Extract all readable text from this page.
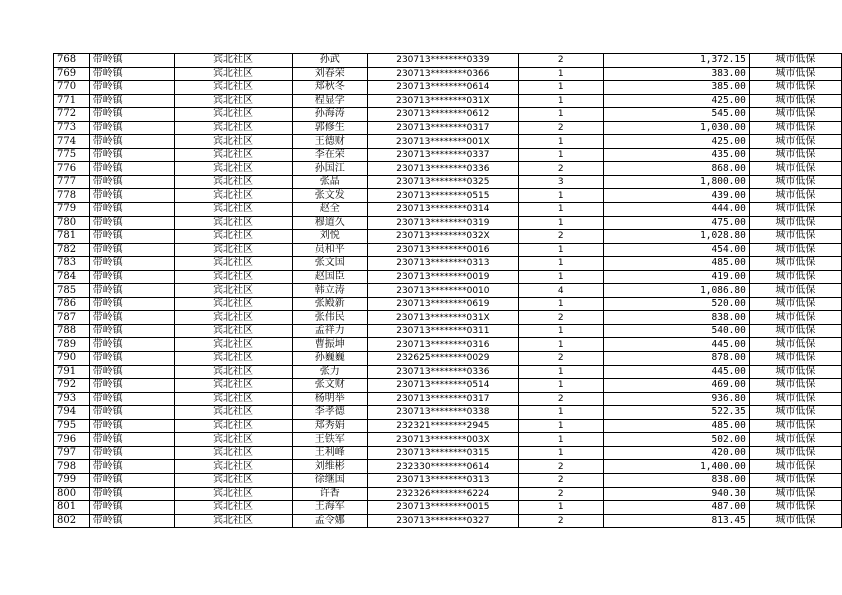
768	带岭镇	宾北社区	孙武	230713********0339	2	1,372.15	城市低保
769	带岭镇	宾北社区	刘春荣	230713********0366	1	383.00	城市低保
770	带岭镇	宾北社区	郑秋冬	230713********0614	1	385.00	城市低保
771	带岭镇	宾北社区	程显学	230713********031X	1	425.00	城市低保
772	带岭镇	宾北社区	孙海涛	230713********0612	1	545.00	城市低保
773	带岭镇	宾北社区	郭修生	230713********0317	2	1,030.00	城市低保
774	带岭镇	宾北社区	王德财	230713********001X	1	425.00	城市低保
775	带岭镇	宾北社区	李在荣	230713********0337	1	435.00	城市低保
776	带岭镇	宾北社区	孙国江	230713********0336	2	868.00	城市低保
777	带岭镇	宾北社区	张晶	230713********0325	3	1,800.00	城市低保
778	带岭镇	宾北社区	张文发	230713********0515	1	439.00	城市低保
779	带岭镇	宾北社区	赵全	230713********0314	1	444.00	城市低保
780	带岭镇	宾北社区	穆道久	230713********0319	1	475.00	城市低保
781	带岭镇	宾北社区	刘悦	230713********032X	2	1,028.80	城市低保
782	带岭镇	宾北社区	员和平	230713********0016	1	454.00	城市低保
783	带岭镇	宾北社区	张文国	230713********0313	1	485.00	城市低保
784	带岭镇	宾北社区	赵国臣	230713********0019	1	419.00	城市低保
785	带岭镇	宾北社区	韩立涛	230713********0010	4	1,086.80	城市低保
786	带岭镇	宾北社区	张殿新	230713********0619	1	520.00	城市低保
787	带岭镇	宾北社区	张伟民	230713********031X	2	838.00	城市低保
788	带岭镇	宾北社区	孟祥力	230713********0311	1	540.00	城市低保
789	带岭镇	宾北社区	曹振坤	230713********0316	1	445.00	城市低保
790	带岭镇	宾北社区	孙巍巍	232625********0029	2	878.00	城市低保
791	带岭镇	宾北社区	张力	230713********0336	1	445.00	城市低保
792	带岭镇	宾北社区	张文财	230713********0514	1	469.00	城市低保
793	带岭镇	宾北社区	杨明举	230713********0317	2	936.80	城市低保
794	带岭镇	宾北社区	李孝德	230713********0338	1	522.35	城市低保
795	带岭镇	宾北社区	郑秀娟	232321********2945	1	485.00	城市低保
796	带岭镇	宾北社区	王铁军	230713********003X	1	502.00	城市低保
797	带岭镇	宾北社区	王利峰	230713********0315	1	420.00	城市低保
798	带岭镇	宾北社区	刘维彬	232330********0614	2	1,400.00	城市低保
799	带岭镇	宾北社区	徐继国	230713********0313	2	838.00	城市低保
800	带岭镇	宾北社区	许香	232326********6224	2	940.30	城市低保
801	带岭镇	宾北社区	王海军	230713********0015	1	487.00	城市低保
802	带岭镇	宾北社区	孟令娜	230713********0327	2	813.45	城市低保
